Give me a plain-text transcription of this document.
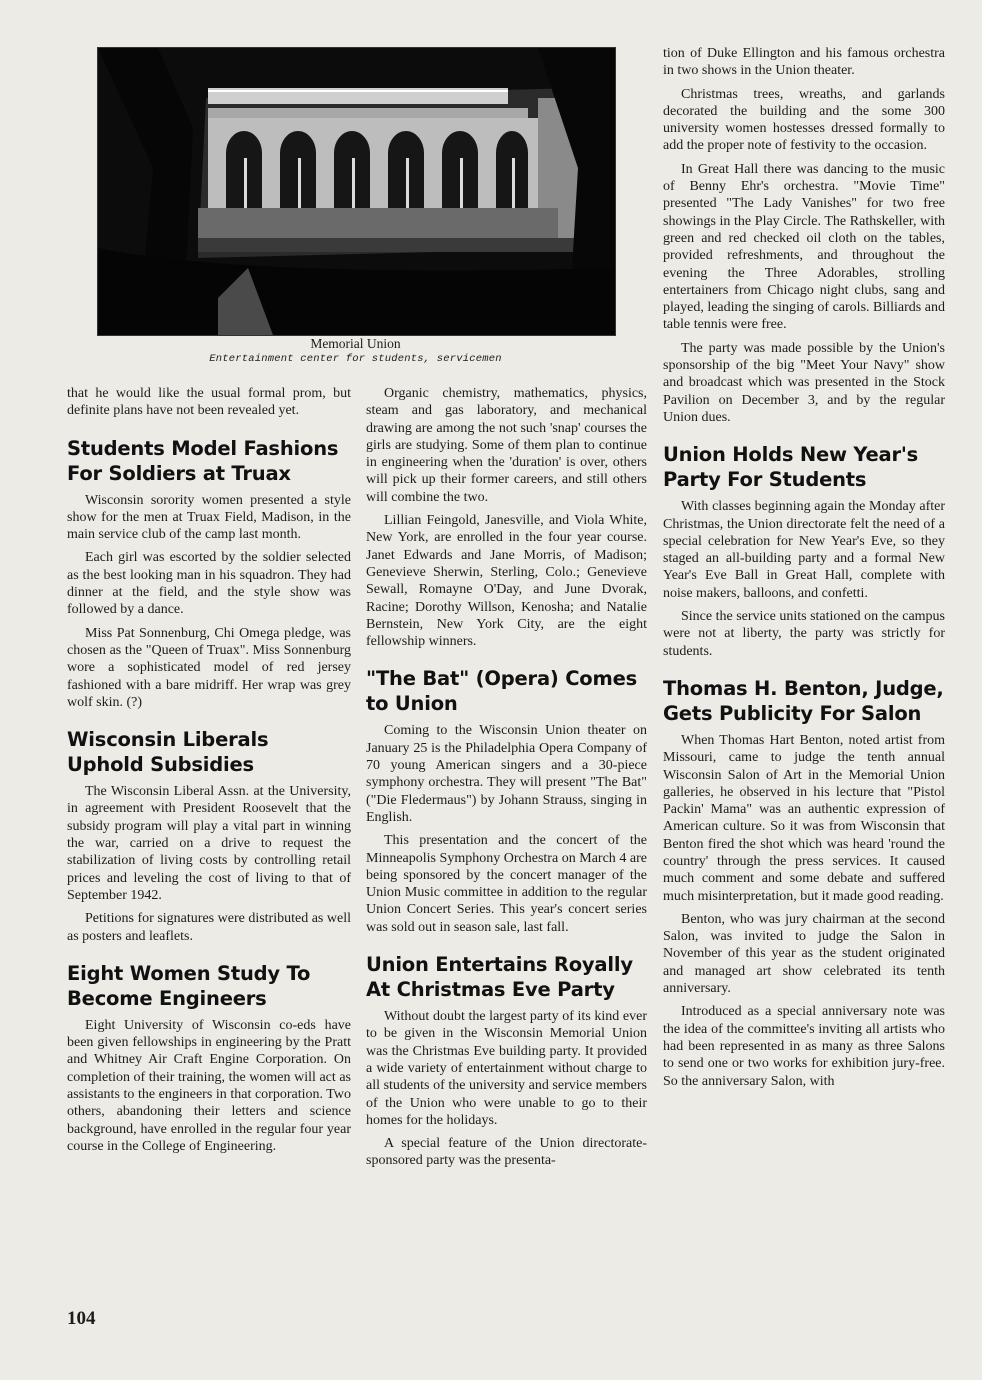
Memorial Union
Entertainment center for students, servicemen

that he would like the usual formal prom, but definite plans have not been revealed yet.

Students Model Fashions For Soldiers at Truax

Wisconsin sorority women presented a style show for the men at Truax Field, Madison, in the main service club of the camp last month.

Each girl was escorted by the soldier selected as the best looking man in his squadron. They had dinner at the field, and the style show was followed by a dance.

Miss Pat Sonnenburg, Chi Omega pledge, was chosen as the "Queen of Truax". Miss Sonnenburg wore a sophisticated model of red jersey fashioned with a bare midriff. Her wrap was grey wolf skin. (?)

Wisconsin Liberals Uphold Subsidies

The Wisconsin Liberal Assn. at the University, in agreement with President Roosevelt that the subsidy program will play a vital part in winning the war, carried on a drive to request the stabilization of living costs by controlling retail prices and leveling the cost of living to that of September 1942.

Petitions for signatures were distributed as well as posters and leaflets.

Eight Women Study To Become Engineers

Eight University of Wisconsin co-eds have been given fellowships in engineering by the Pratt and Whitney Air Craft Engine Corporation. On completion of their training, the women will act as assistants to the engineers in that corporation. Two others, abandoning their letters and science background, have enrolled in the regular four year course in the College of Engineering.

Organic chemistry, mathematics, physics, steam and gas laboratory, and mechanical drawing are among the not such 'snap' courses the girls are studying. Some of them plan to continue in engineering when the 'duration' is over, others will pick up their former careers, and still others will combine the two.

Lillian Feingold, Janesville, and Viola White, New York, are enrolled in the four year course. Janet Edwards and Jane Morris, of Madison; Genevieve Sherwin, Sterling, Colo.; Genevieve Sewall, Romayne O'Day, and June Dvorak, Racine; Dorothy Willson, Kenosha; and Natalie Bernstein, New York City, are the eight fellowship winners.

"The Bat" (Opera) Comes to Union

Coming to the Wisconsin Union theater on January 25 is the Philadelphia Opera Company of 70 young American singers and a 30-piece symphony orchestra. They will present "The Bat" ("Die Fledermaus") by Johann Strauss, singing in English.

This presentation and the concert of the Minneapolis Symphony Orchestra on March 4 are being sponsored by the concert manager of the Union Music committee in addition to the regular Union Concert Series. This year's concert series was sold out in season sale, last fall.

Union Entertains Royally At Christmas Eve Party

Without doubt the largest party of its kind ever to be given in the Wisconsin Memorial Union was the Christmas Eve building party. It provided a wide variety of entertainment without charge to all students of the university and service members of the Union who were unable to go to their homes for the holidays.

A special feature of the Union directorate-sponsored party was the presenta-

tion of Duke Ellington and his famous orchestra in two shows in the Union theater.

Christmas trees, wreaths, and garlands decorated the building and the some 300 university women hostesses dressed formally to add the proper note of festivity to the occasion.

In Great Hall there was dancing to the music of Benny Ehr's orchestra. "Movie Time" presented "The Lady Vanishes" for two free showings in the Play Circle. The Rathskeller, with green and red checked oil cloth on the tables, provided refreshments, and throughout the evening the Three Adorables, strolling entertainers from Chicago night clubs, sang and played, leading the singing of carols. Billiards and table tennis were free.

The party was made possible by the Union's sponsorship of the big "Meet Your Navy" show and broadcast which was presented in the Stock Pavilion on December 3, and by the regular Union dues.

Union Holds New Year's Party For Students

With classes beginning again the Monday after Christmas, the Union directorate felt the need of a special celebration for New Year's Eve, so they staged an all-building party and a formal New Year's Eve Ball in Great Hall, complete with noise makers, balloons, and confetti.

Since the service units stationed on the campus were not at liberty, the party was strictly for students.

Thomas H. Benton, Judge, Gets Publicity For Salon

When Thomas Hart Benton, noted artist from Missouri, came to judge the tenth annual Wisconsin Salon of Art in the Memorial Union galleries, he observed in his lecture that "Pistol Packin' Mama" was an authentic expression of American culture. So it was from Wisconsin that Benton fired the shot which was heard 'round the country' through the press services. It caused much comment and some debate and suffered much misinterpretation, but it made good reading.

Benton, who was jury chairman at the second Salon, was invited to judge the Salon in November of this year as the student originated and managed art show celebrated its tenth anniversary.

Introduced as a special anniversary note was the idea of the committee's inviting all artists who had been represented in as many as three Salons to send one or two works for exhibition jury-free. So the anniversary Salon, with

104
